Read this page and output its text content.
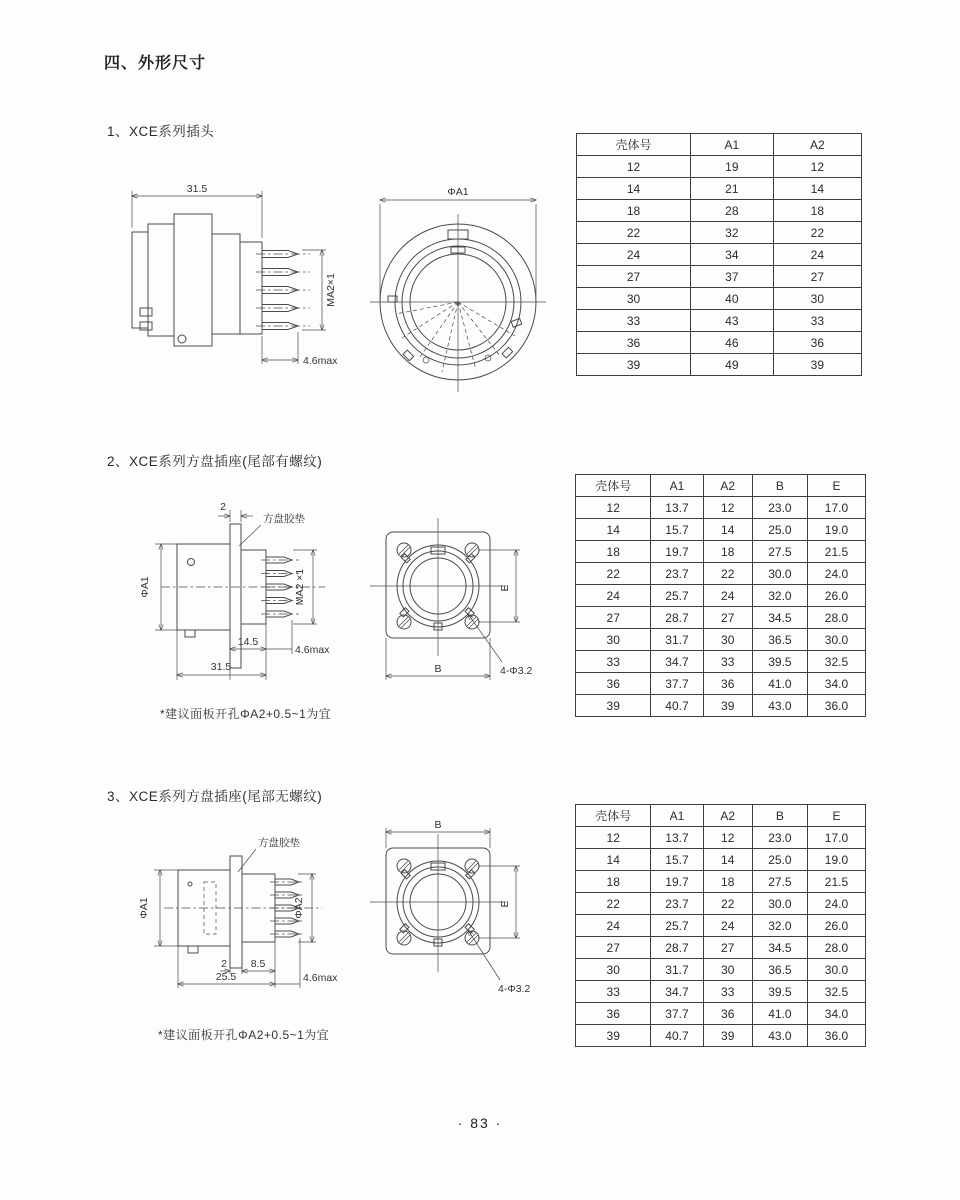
四、外形尺寸
1、XCE系列插头
31.5
MA2×1
4.6max
ΦA1
壳体号	A1	A2
12	19	12
14	21	14
18	28	18
22	32	22
24	34	24
27	37	27
30	40	30
33	43	33
36	46	36
39	49	39
2、XCE系列方盘插座(尾部有螺纹)
2
方盘胶垫
ΦA1	MA2 ×1
14.5
4.6max
31.5
E
B	4-Φ3.2
壳体号	A1	A2	B	E
12	13.7	12	23.0	17.0
14	15.7	14	25.0	19.0
18	19.7	18	27.5	21.5
22	23.7	22	30.0	24.0
24	25.7	24	32.0	26.0
27	28.7	27	34.5	28.0
30	31.7	30	36.5	30.0
33	34.7	33	39.5	32.5
36	37.7	36	41.0	34.0
39	40.7	39	43.0	36.0
*建议面板开孔ΦA2+0.5~1为宜
3、XCE系列方盘插座(尾部无螺纹)
方盘胶垫
ΦA1	ΦA2
2 8.5
25.5	4.6max
B
E
4-Φ3.2
壳体号	A1	A2	B	E
12	13.7	12	23.0	17.0
14	15.7	14	25.0	19.0
18	19.7	18	27.5	21.5
22	23.7	22	30.0	24.0
24	25.7	24	32.0	26.0
27	28.7	27	34.5	28.0
30	31.7	30	36.5	30.0
33	34.7	33	39.5	32.5
36	37.7	36	41.0	34.0
39	40.7	39	43.0	36.0
*建议面板开孔ΦA2+0.5~1为宜
· 83 ·
